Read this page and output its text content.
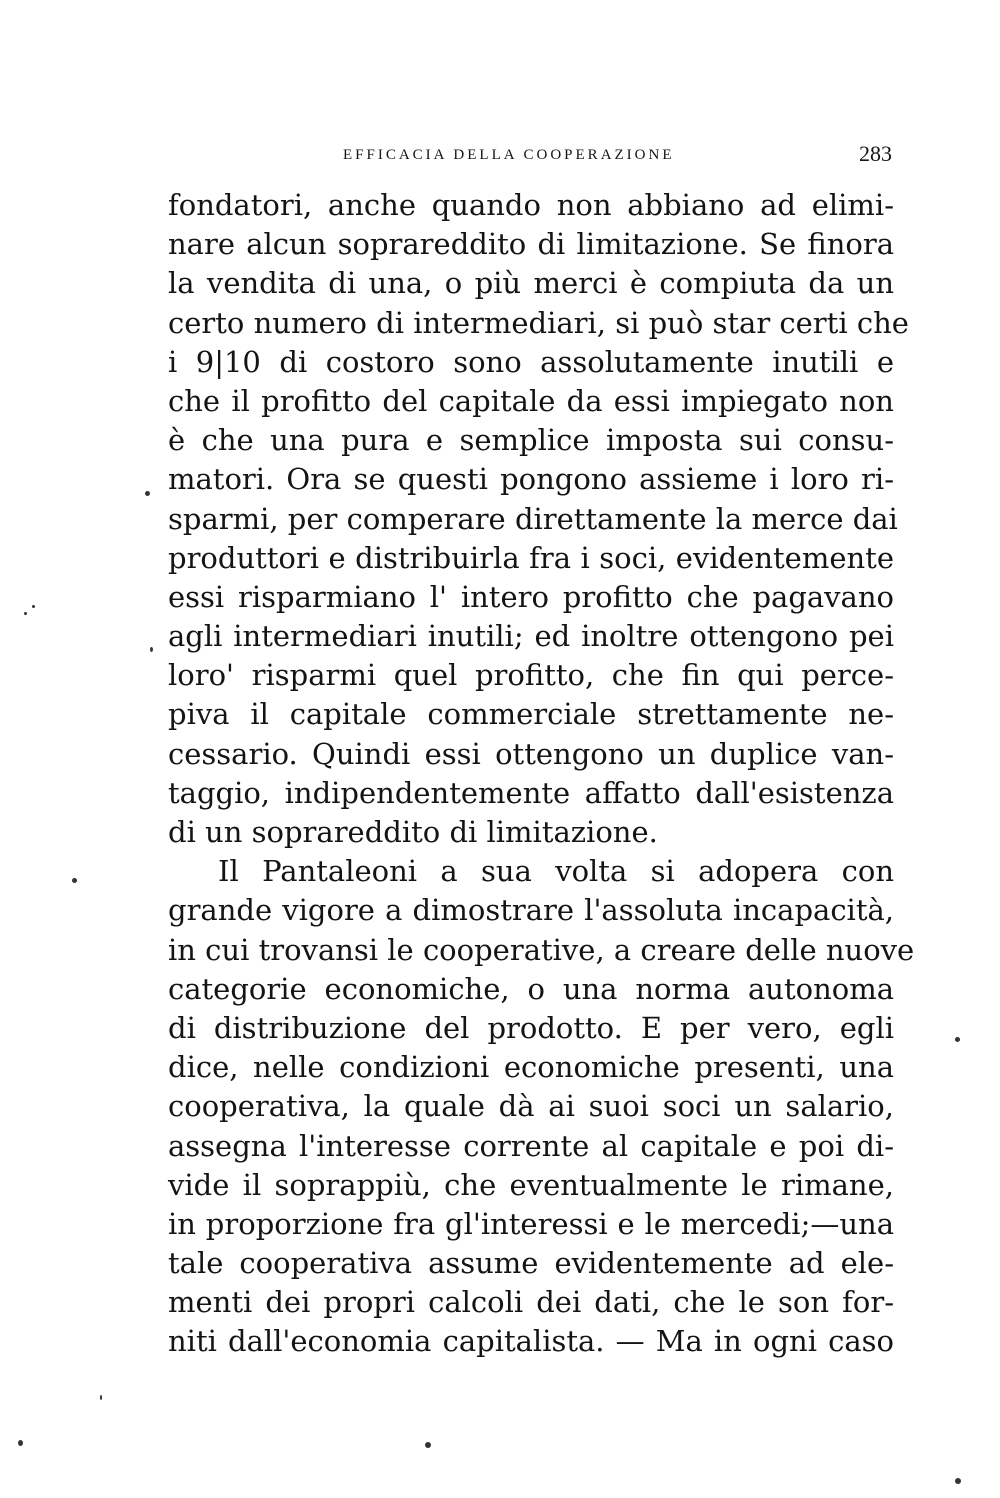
EFFICACIA DELLA COOPERAZIONE	283
fondatori, anche quando non abbiano ad elimi-
nare alcun soprareddito di limitazione. Se finora
la vendita di una, o più merci è compiuta da un
certo numero di intermediari, si può star certi che
i 9|10 di costoro sono assolutamente inutili e
che il profitto del capitale da essi impiegato non
è che una pura e semplice imposta sui consu-
matori. Ora se questi pongono assieme i loro ri-
sparmi, per comperare direttamente la merce dai
produttori e distribuirla fra i soci, evidentemente
essi risparmiano l' intero profitto che pagavano
agli intermediari inutili; ed inoltre ottengono pei
loro' risparmi quel profitto, che fin qui perce-
piva il capitale commerciale strettamente ne-
cessario. Quindi essi ottengono un duplice van-
taggio, indipendentemente affatto dall'esistenza
di un soprareddito di limitazione.
Il Pantaleoni a sua volta si adopera con
grande vigore a dimostrare l'assoluta incapacità,
in cui trovansi le cooperative, a creare delle nuove
categorie economiche, o una norma autonoma
di distribuzione del prodotto. E per vero, egli
dice, nelle condizioni economiche presenti, una
cooperativa, la quale dà ai suoi soci un salario,
assegna l'interesse corrente al capitale e poi di-
vide il soprappiù, che eventualmente le rimane,
in proporzione fra gl'interessi e le mercedi;—una
tale cooperativa assume evidentemente ad ele-
menti dei propri calcoli dei dati, che le son for-
niti dall'economia capitalista. — Ma in ogni caso
